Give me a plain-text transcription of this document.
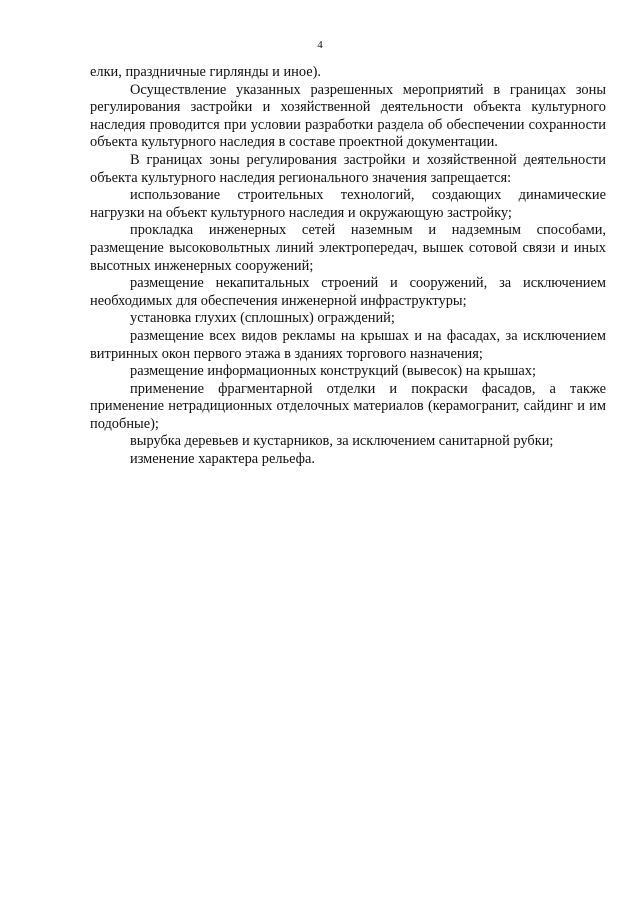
4

елки, праздничные гирлянды и иное).

Осуществление указанных разрешенных мероприятий в границах зоны регулирования застройки и хозяйственной деятельности объекта культурного наследия проводится при условии разработки раздела об обеспечении сохранности объекта культурного наследия в составе проектной документации.

В границах зоны регулирования застройки и хозяйственной деятельности объекта культурного наследия регионального значения запрещается:

использование строительных технологий, создающих динамические нагрузки на объект культурного наследия и окружающую застройку;

прокладка инженерных сетей наземным и надземным способами, размещение высоковольтных линий электропередач, вышек сотовой связи и иных высотных инженерных сооружений;

размещение некапитальных строений и сооружений, за исключением необходимых для обеспечения инженерной инфраструктуры;

установка глухих (сплошных) ограждений;

размещение всех видов рекламы на крышах и на фасадах, за исключением витринных окон первого этажа в зданиях торгового назначения;

размещение информационных конструкций (вывесок) на крышах;

применение фрагментарной отделки и покраски фасадов, а также применение нетрадиционных отделочных материалов (керамогранит, сайдинг и им подобные);

вырубка деревьев и кустарников, за исключением санитарной рубки;

изменение характера рельефа.
